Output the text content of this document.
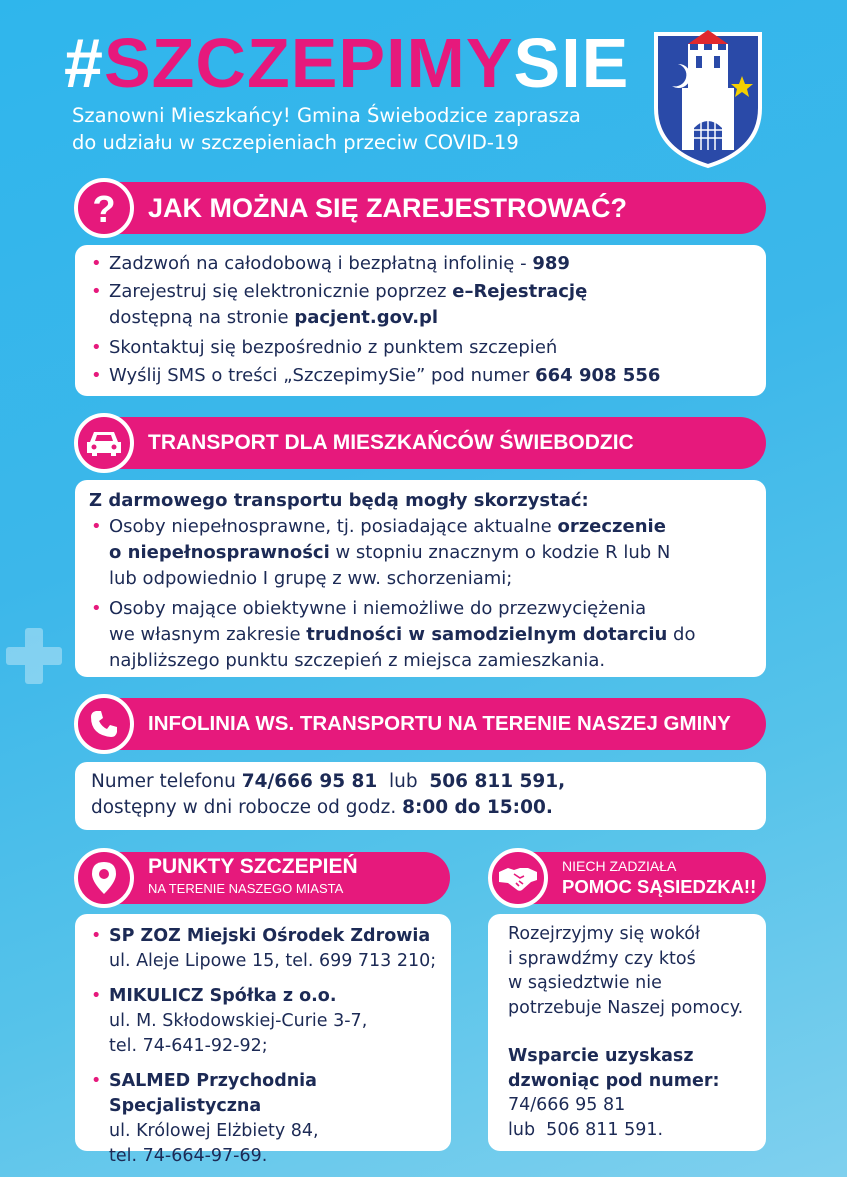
#SZCZEPIMYSIE
Szanowni Mieszkańcy! Gmina Świebodzice zaprasza
do udziału w szczepieniach przeciw COVID-19
? JAK MOŻNA SIĘ ZAREJESTROWAĆ?
• Zadzwoń na całodobową i bezpłatną infolinię - 989
• Zarejestruj się elektronicznie poprzez e–Rejestrację
dostępną na stronie pacjent.gov.pl
• Skontaktuj się bezpośrednio z punktem szczepień
• Wyślij SMS o treści „SzczepimySie” pod numer 664 908 556
TRANSPORT DLA MIESZKAŃCÓW ŚWIEBODZIC
Z darmowego transportu będą mogły skorzystać:
• Osoby niepełnosprawne, tj. posiadające aktualne orzeczenie
o niepełnosprawności w stopniu znacznym o kodzie R lub N
lub odpowiednio I grupę z ww. schorzeniami;
• Osoby mające obiektywne i niemożliwe do przezwyciężenia
we własnym zakresie trudności w samodzielnym dotarciu do
najbliższego punktu szczepień z miejsca zamieszkania.
INFOLINIA WS. TRANSPORTU NA TERENIE NASZEJ GMINY
Numer telefonu 74/666 95 81  lub  506 811 591,
dostępny w dni robocze od godz. 8:00 do 15:00.
PUNKTY SZCZEPIEŃ
NA TERENIE NASZEGO MIASTA
• SP ZOZ Miejski Ośrodek Zdrowia
ul. Aleje Lipowe 15, tel. 699 713 210;
• MIKULICZ Spółka z o.o.
ul. M. Skłodowskiej-Curie 3-7,
tel. 74-641-92-92;
• SALMED Przychodnia Specjalistyczna
ul. Królowej Elżbiety 84,
tel. 74-664-97-69.
NIECH ZADZIAŁA
POMOC SĄSIEDZKA!!
Rozejrzyjmy się wokół
i sprawdźmy czy ktoś
w sąsiedztwie nie
potrzebuje Naszej pomocy.
Wsparcie uzyskasz
dzwoniąc pod numer:
74/666 95 81
lub  506 811 591.
